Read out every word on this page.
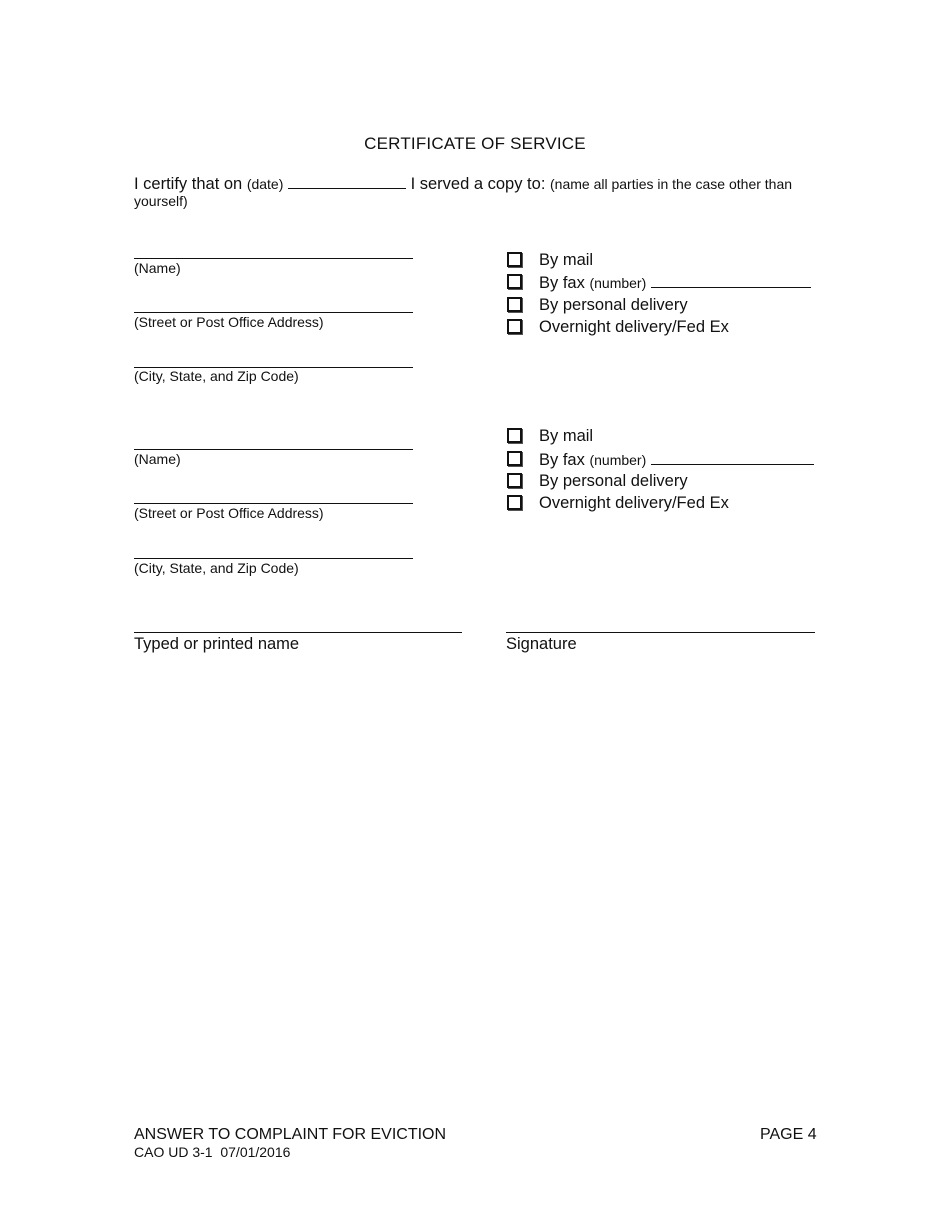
CERTIFICATE OF SERVICE
I certify that on (date)	I served a copy to: (name all parties in the case other than
yourself)
(Name)
(Street or Post Office Address)
(City, State, and Zip Code)
By mail
By fax (number)
By personal delivery
Overnight delivery/Fed Ex
(Name)
(Street or Post Office Address)
(City, State, and Zip Code)
By mail
By fax (number)
By personal delivery
Overnight delivery/Fed Ex
Typed or printed name	Signature
ANSWER TO COMPLAINT FOR EVICTION
CAO UD 3-1  07/01/2016
PAGE 4
